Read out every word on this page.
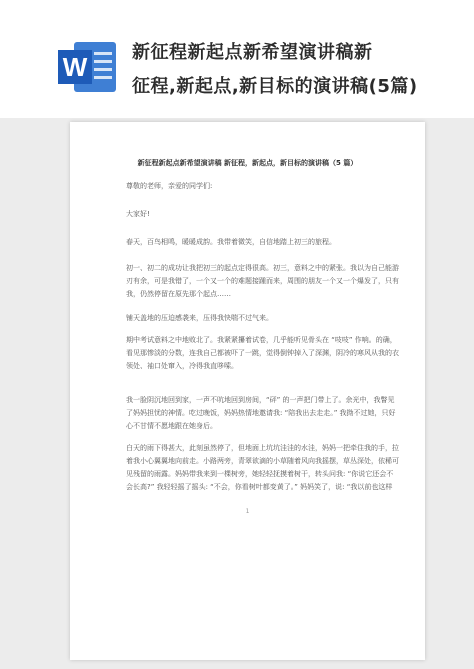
W 新征程新起点新希望演讲稿新
征程,新起点,新目标的演讲稿(5篇)
新征程新起点新希望演讲稿 新征程，新起点，新目标的演讲稿（5 篇）
尊敬的老师，亲爱的同学们:
大家好!
春天，百鸟相鸣，暖暖成韵。我带着微笑，自信地踏上初三的旅程。
初一、初二的成功让我把初三的起点定得很高。初三，意料之中的紧张。我以为自己能游刃有余，可是我错了，一个又一个的难题接踵而来，周围的朋友一个又一个爆发了，只有我，仍然停留在原先那个起点……
铺天盖地的压迫感袭来，压得我快喘不过气来。
期中考试意料之中地败北了。我紧紧攥着试卷，几乎能听见骨头在 “吱吱” 作响。的确，看见那惨淡的分数，连我自己都被吓了一跳，觉得倒钟掉入了深渊，阴冷的寒风从我的衣领处、袖口处窜入，冷得我直哆嗦。
我一脸阴沉地回到家，一声不吭地回到房间，“砰” 的一声把门带上了。余光中，我瞥见了妈妈担忧的神情。吃过晚饭，妈妈热情地邀请我: “陪我出去走走。” 我拗不过她，只好心不甘情不愿地跟在她身后。
白天的雨下得甚大，此刻虽然停了，但地面上坑坑洼洼的水洼，妈妈一把牵住我的手，拉着我小心翼翼地向前走。小路两旁，青翠欲滴的小草随着风向我摇摆，草丛深处，依稀可见残留的雨露。妈妈带我来到一棵树旁，她轻轻抚摸着树干，转头问我: “你说它还会不会长高?” 我轻轻摇了摇头: “不会，你看树叶都变黄了。” 妈妈笑了，说: “我以前也这样
1
